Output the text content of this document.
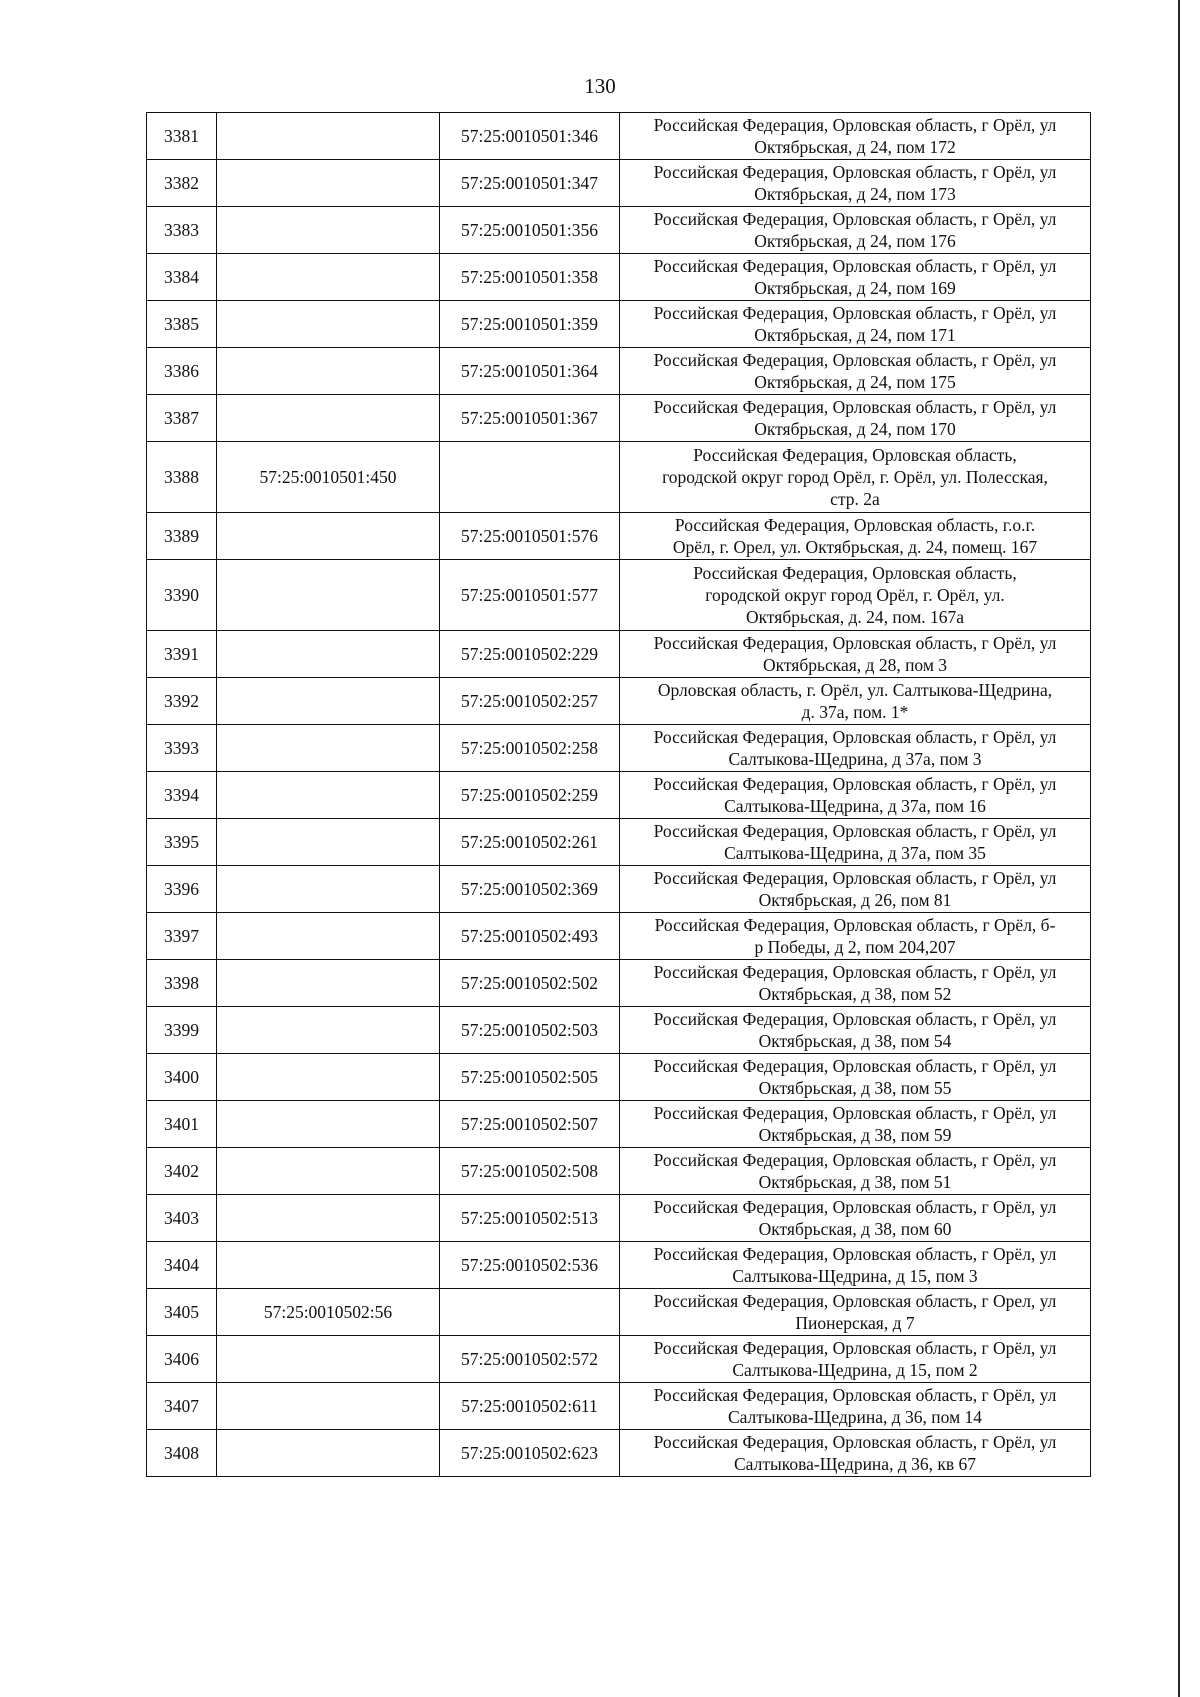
130
3381		57:25:0010501:346	Российская Федерация, Орловская область, г Орёл, ул
Октябрьская, д 24, пом 172

3382		57:25:0010501:347	Российская Федерация, Орловская область, г Орёл, ул
Октябрьская, д 24, пом 173

3383		57:25:0010501:356	Российская Федерация, Орловская область, г Орёл, ул
Октябрьская, д 24, пом 176

3384		57:25:0010501:358	Российская Федерация, Орловская область, г Орёл, ул
Октябрьская, д 24, пом 169

3385		57:25:0010501:359	Российская Федерация, Орловская область, г Орёл, ул
Октябрьская, д 24, пом 171

3386		57:25:0010501:364	Российская Федерация, Орловская область, г Орёл, ул
Октябрьская, д 24, пом 175

3387		57:25:0010501:367	Российская Федерация, Орловская область, г Орёл, ул
Октябрьская, д 24, пом 170

3388	57:25:0010501:450		Российская Федерация, Орловская область,
городской округ город Орёл, г. Орёл, ул. Полесская,
стр. 2а

3389		57:25:0010501:576	Российская Федерация, Орловская область, г.о.г.
Орёл, г. Орел, ул. Октябрьская, д. 24, помещ. 167

3390		57:25:0010501:577	Российская Федерация, Орловская область,
городской округ город Орёл, г. Орёл, ул.
Октябрьская, д. 24, пом. 167а

3391		57:25:0010502:229	Российская Федерация, Орловская область, г Орёл, ул
Октябрьская, д 28, пом 3

3392		57:25:0010502:257	Орловская область, г. Орёл, ул. Салтыкова-Щедрина,
д. 37а, пом. 1*

3393		57:25:0010502:258	Российская Федерация, Орловская область, г Орёл, ул
Салтыкова-Щедрина, д 37а, пом 3

3394		57:25:0010502:259	Российская Федерация, Орловская область, г Орёл, ул
Салтыкова-Щедрина, д 37а, пом 16

3395		57:25:0010502:261	Российская Федерация, Орловская область, г Орёл, ул
Салтыкова-Щедрина, д 37а, пом 35

3396		57:25:0010502:369	Российская Федерация, Орловская область, г Орёл, ул
Октябрьская, д 26, пом 81

3397		57:25:0010502:493	Российская Федерация, Орловская область, г Орёл, б-
р Победы, д 2, пом 204,207

3398		57:25:0010502:502	Российская Федерация, Орловская область, г Орёл, ул
Октябрьская, д 38, пом 52

3399		57:25:0010502:503	Российская Федерация, Орловская область, г Орёл, ул
Октябрьская, д 38, пом 54

3400		57:25:0010502:505	Российская Федерация, Орловская область, г Орёл, ул
Октябрьская, д 38, пом 55

3401		57:25:0010502:507	Российская Федерация, Орловская область, г Орёл, ул
Октябрьская, д 38, пом 59

3402		57:25:0010502:508	Российская Федерация, Орловская область, г Орёл, ул
Октябрьская, д 38, пом 51

3403		57:25:0010502:513	Российская Федерация, Орловская область, г Орёл, ул
Октябрьская, д 38, пом 60

3404		57:25:0010502:536	Российская Федерация, Орловская область, г Орёл, ул
Салтыкова-Щедрина, д 15, пом 3

3405	57:25:0010502:56		Российская Федерация, Орловская область, г Орел, ул
Пионерская, д 7

3406		57:25:0010502:572	Российская Федерация, Орловская область, г Орёл, ул
Салтыкова-Щедрина, д 15, пом 2

3407		57:25:0010502:611	Российская Федерация, Орловская область, г Орёл, ул
Салтыкова-Щедрина, д 36, пом 14

3408		57:25:0010502:623	Российская Федерация, Орловская область, г Орёл, ул
Салтыкова-Щедрина, д 36, кв 67
